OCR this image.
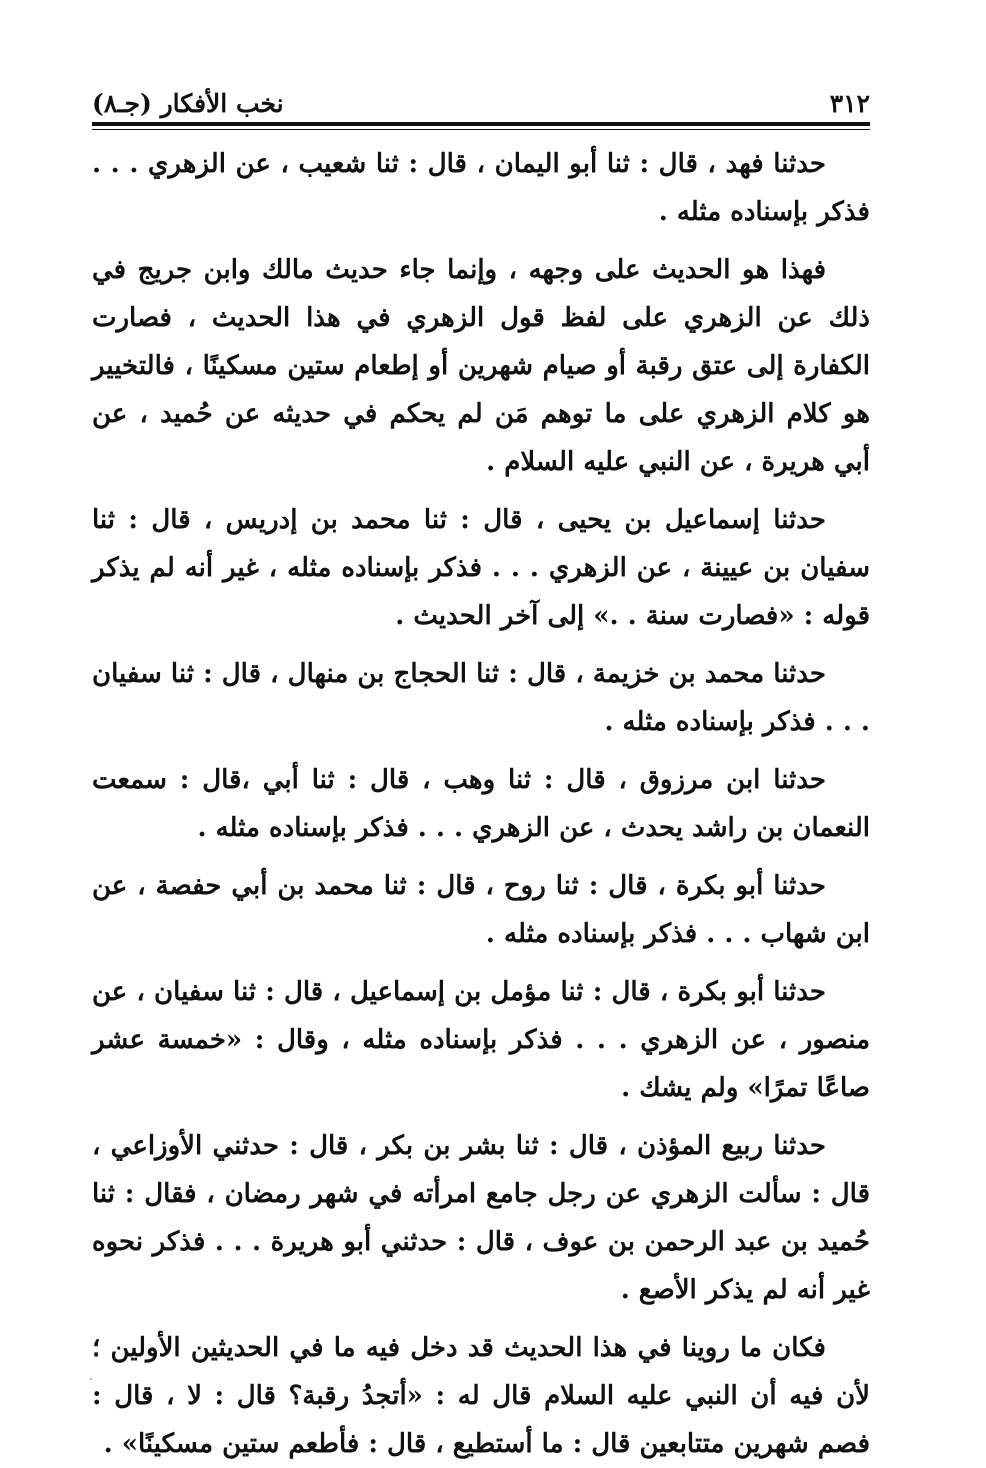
٣١٢
نخب الأفكار (جـ٨)

حدثنا فهد ، قال : ثنا أبو اليمان ، قال : ثنا شعيب ، عن الزهري . . . فذكر بإسناده مثله .

فهذا هو الحديث على وجهه ، وإنما جاء حديث مالك وابن جريج في ذلك عن الزهري على لفظ قول الزهري في هذا الحديث ، فصارت الكفارة إلى عتق رقبة أو صيام شهرين أو إطعام ستين مسكينًا ، فالتخيير هو كلام الزهري على ما توهم مَن لم يحكم في حديثه عن حُميد ، عن أبي هريرة ، عن النبي عليه السلام .

حدثنا إسماعيل بن يحيى ، قال : ثنا محمد بن إدريس ، قال : ثنا سفيان بن عيينة ، عن الزهري . . . فذكر بإسناده مثله ، غير أنه لم يذكر قوله : «فصارت سنة . .» إلى آخر الحديث .

حدثنا محمد بن خزيمة ، قال : ثنا الحجاج بن منهال ، قال : ثنا سفيان . . . فذكر بإسناده مثله .

حدثنا ابن مرزوق ، قال : ثنا وهب ، قال : ثنا أبي ،قال : سمعت النعمان بن راشد يحدث ، عن الزهري . . . فذكر بإسناده مثله .

حدثنا أبو بكرة ، قال : ثنا روح ، قال : ثنا محمد بن أبي حفصة ، عن ابن شهاب . . . فذكر بإسناده مثله .

حدثنا أبو بكرة ، قال : ثنا مؤمل بن إسماعيل ، قال : ثنا سفيان ، عن منصور ، عن الزهري . . . فذكر بإسناده مثله ، وقال : «خمسة عشر صاعًا تمرًا» ولم يشك .

حدثنا ربيع المؤذن ، قال : ثنا بشر بن بكر ، قال : حدثني الأوزاعي ، قال : سألت الزهري عن رجل جامع امرأته في شهر رمضان ، فقال : ثنا حُميد بن عبد الرحمن بن عوف ، قال : حدثني أبو هريرة . . . فذكر نحوه غير أنه لم يذكر الأصع .

فكان ما روينا في هذا الحديث قد دخل فيه ما في الحديثين الأولين ؛ لأن فيه أن النبي عليه السلام قال له : «أتجدُ رقبة؟ قال : لا ، قال : فصم شهرين متتابعين قال : ما أستطيع ، قال : فأطعم ستين مسكينًا» .
